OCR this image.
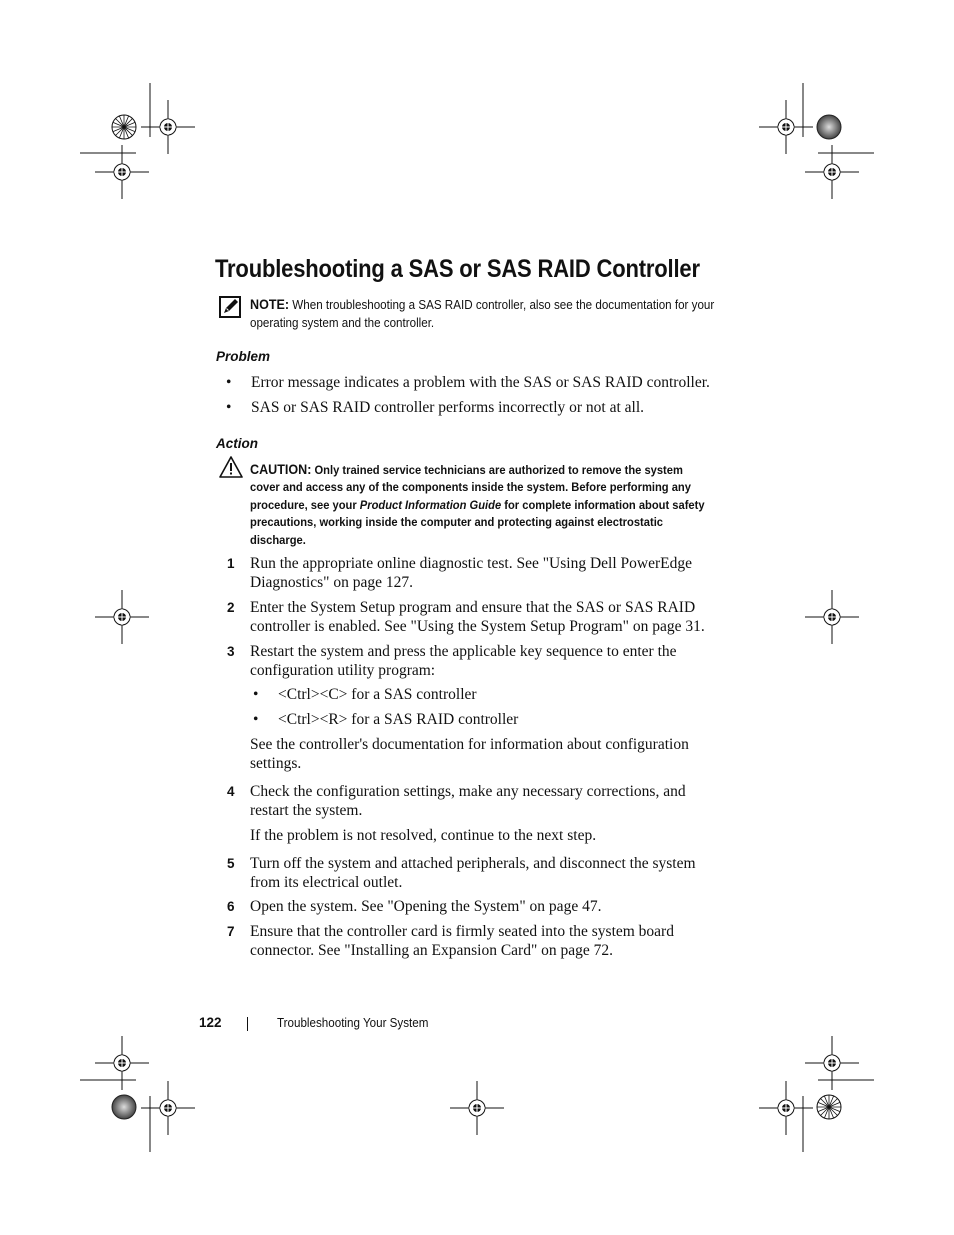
Troubleshooting a SAS or SAS RAID Controller
NOTE: When troubleshooting a SAS RAID controller, also see the documentation for your operating system and the controller.
Problem
• Error message indicates a problem with the SAS or SAS RAID controller.
• SAS or SAS RAID controller performs incorrectly or not at all.
Action
CAUTION: Only trained service technicians are authorized to remove the system cover and access any of the components inside the system. Before performing any procedure, see your Product Information Guide for complete information about safety precautions, working inside the computer and protecting against electrostatic discharge.
1 Run the appropriate online diagnostic test. See "Using Dell PowerEdge Diagnostics" on page 127.
2 Enter the System Setup program and ensure that the SAS or SAS RAID controller is enabled. See "Using the System Setup Program" on page 31.
3 Restart the system and press the applicable key sequence to enter the configuration utility program:
• <Ctrl><C> for a SAS controller
• <Ctrl><R> for a SAS RAID controller
See the controller's documentation for information about configuration settings.
4 Check the configuration settings, make any necessary corrections, and restart the system.
If the problem is not resolved, continue to the next step.
5 Turn off the system and attached peripherals, and disconnect the system from its electrical outlet.
6 Open the system. See "Opening the System" on page 47.
7 Ensure that the controller card is firmly seated into the system board connector. See "Installing an Expansion Card" on page 72.
122	Troubleshooting Your System
